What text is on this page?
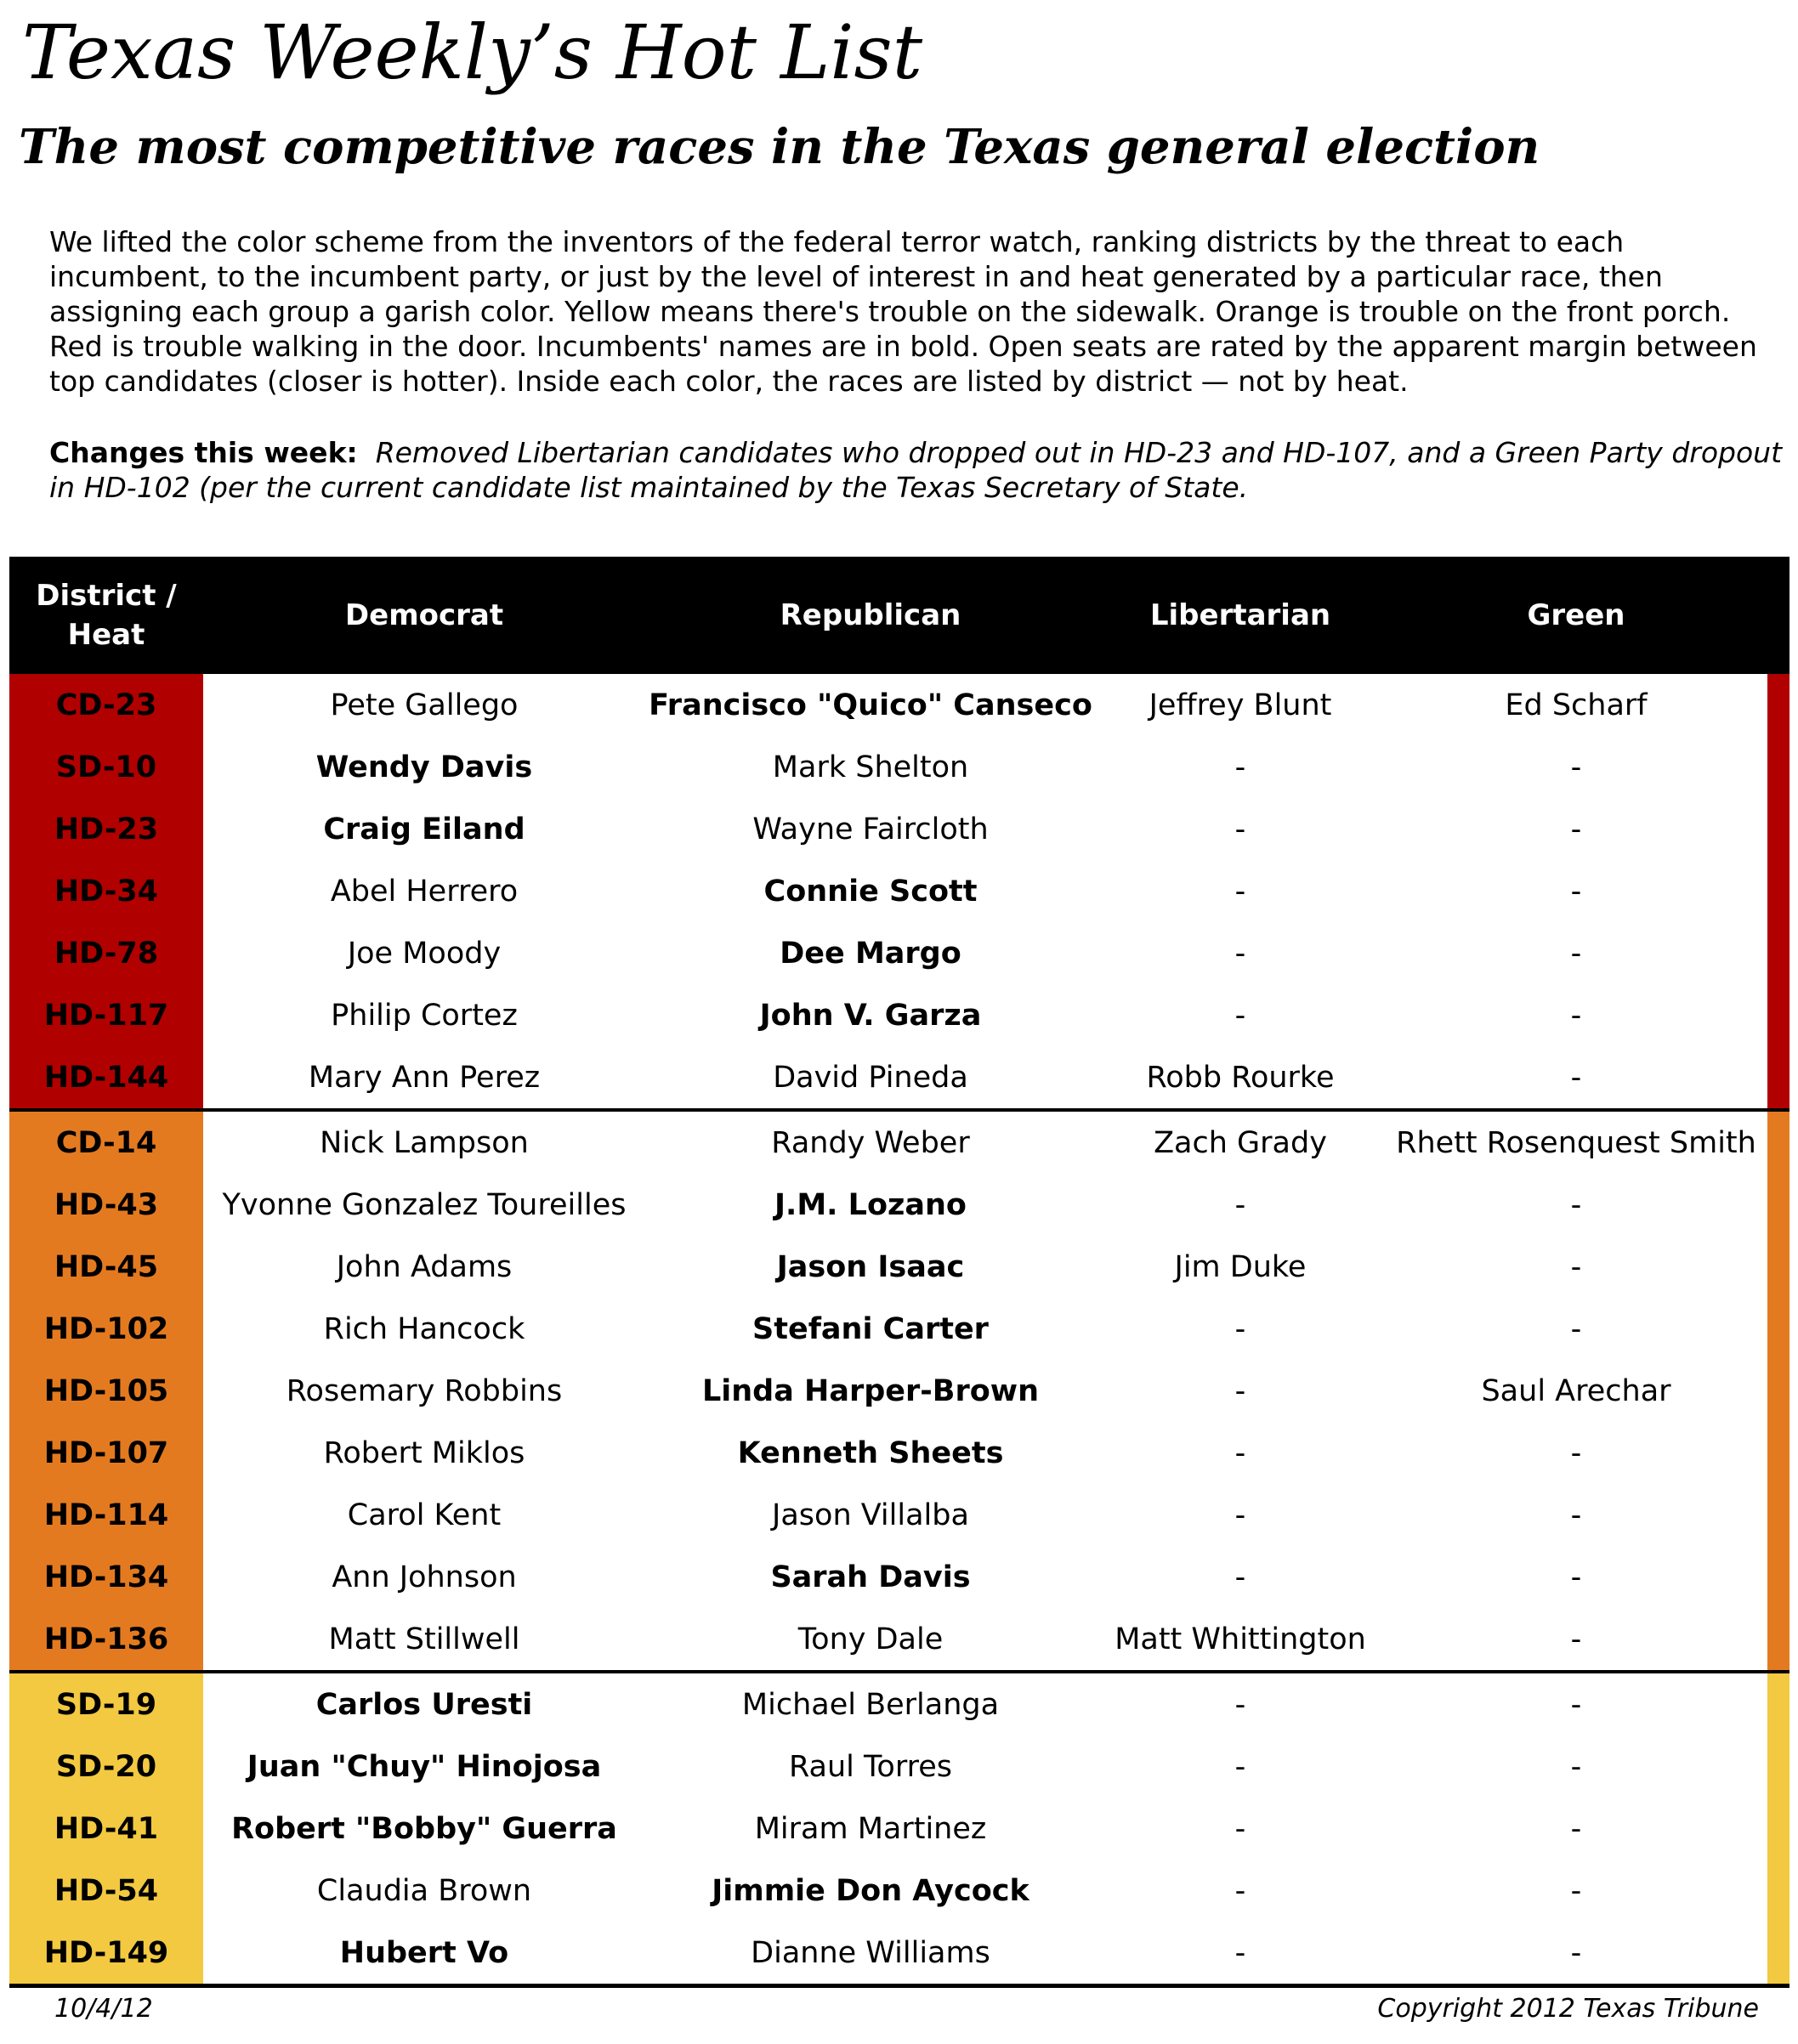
Texas Weekly’s Hot List
The most competitive races in the Texas general election

We lifted the color scheme from the inventors of the federal terror watch, ranking districts by the threat to each incumbent, to the incumbent party, or just by the level of interest in and heat generated by a particular race, then assigning each group a garish color. Yellow means there's trouble on the sidewalk. Orange is trouble on the front porch. Red is trouble walking in the door. Incumbents' names are in bold. Open seats are rated by the apparent margin between top candidates (closer is hotter). Inside each color, the races are listed by district — not by heat.

Changes this week: Removed Libertarian candidates who dropped out in HD-23 and HD-107, and a Green Party dropout in HD-102 (per the current candidate list maintained by the Texas Secretary of State.

District /
Heat	Democrat	Republican	Libertarian	Green	
CD-23	Pete Gallego	Francisco "Quico" Canseco	Jeffrey Blunt	Ed Scharf	
SD-10	Wendy Davis	Mark Shelton	-	-	
HD-23	Craig Eiland	Wayne Faircloth	-	-	
HD-34	Abel Herrero	Connie Scott	-	-	
HD-78	Joe Moody	Dee Margo	-	-	
HD-117	Philip Cortez	John V. Garza	-	-	
HD-144	Mary Ann Perez	David Pineda	Robb Rourke	-	
CD-14	Nick Lampson	Randy Weber	Zach Grady	Rhett Rosenquest Smith	
HD-43	Yvonne Gonzalez Toureilles	J.M. Lozano	-	-	
HD-45	John Adams	Jason Isaac	Jim Duke	-	
HD-102	Rich Hancock	Stefani Carter	-	-	
HD-105	Rosemary Robbins	Linda Harper-Brown	-	Saul Arechar	
HD-107	Robert Miklos	Kenneth Sheets	-	-	
HD-114	Carol Kent	Jason Villalba	-	-	
HD-134	Ann Johnson	Sarah Davis	-	-	
HD-136	Matt Stillwell	Tony Dale	Matt Whittington	-	
SD-19	Carlos Uresti	Michael Berlanga	-	-	
SD-20	Juan "Chuy" Hinojosa	Raul Torres	-	-	
HD-41	Robert "Bobby" Guerra	Miram Martinez	-	-	
HD-54	Claudia Brown	Jimmie Don Aycock	-	-	
HD-149	Hubert Vo	Dianne Williams	-	-	

10/4/12	Copyright 2012 Texas Tribune
